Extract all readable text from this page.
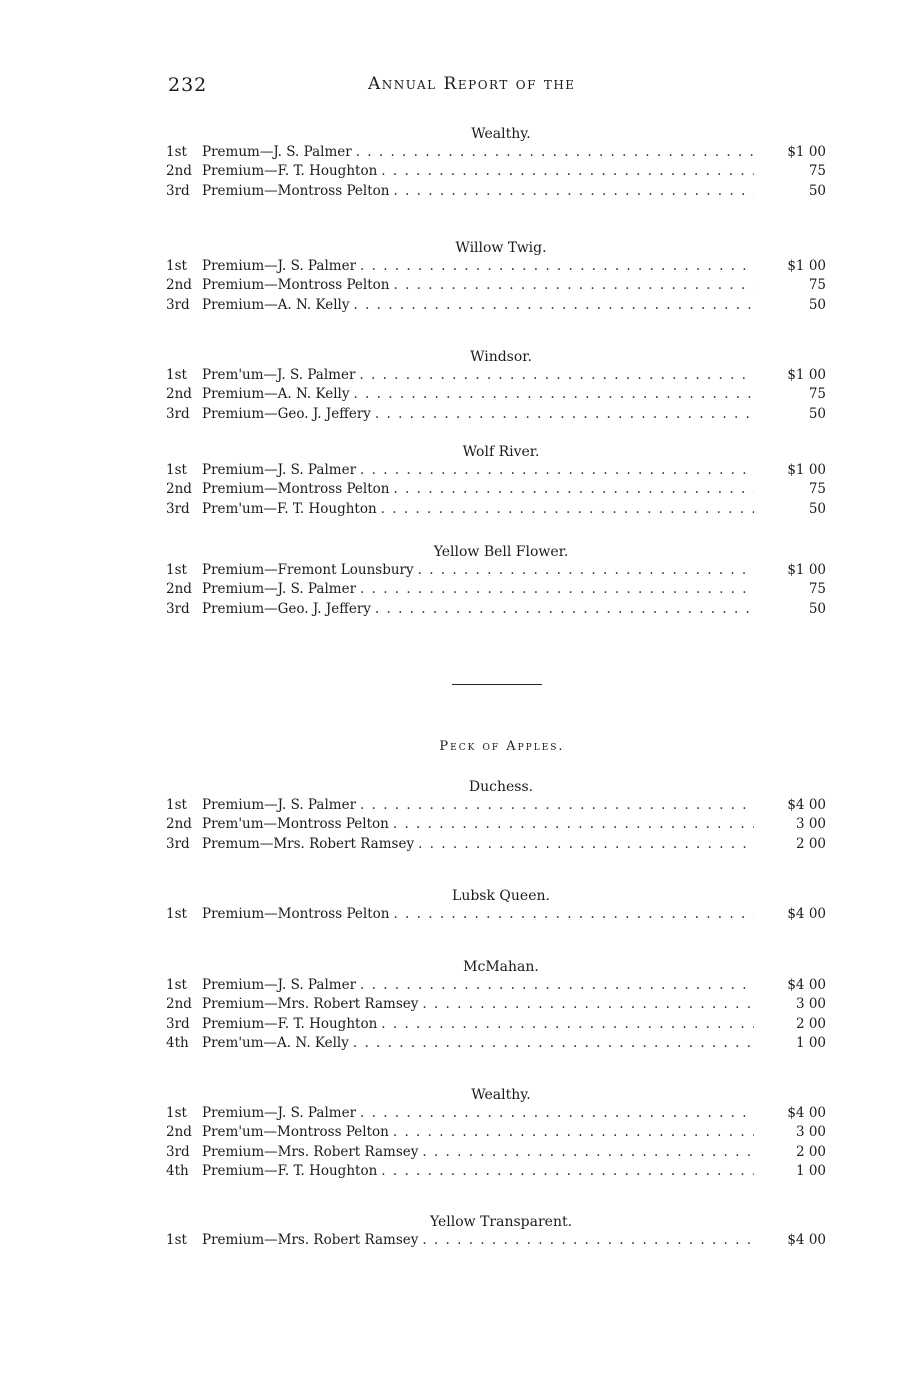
232	Annual Report of the
Wealthy.
1st	Premum—J. S. Palmer . . .	$1 00
2nd Premium—F. T. Houghton . . .	75
3rd Premium—Montross Pelton . . .	50
Willow Twig.
1st	Premium—J. S. Palmer . . .	$1 00
2nd Premium—Montross Pelton . . .	75
3rd Premium—A. N. Kelly . . .	50
Windsor.
1st	Prem'um—J. S. Palmer . . .	$1 00
2nd Premium—A. N. Kelly . . .	75
3rd Premium—Geo. J. Jeffery . . .	50
Wolf River.
1st	Premium—J. S. Palmer . . .	$1 00
2nd Premium—Montross Pelton . . .	75
3rd Prem'um—F. T. Houghton . . .	50
Yellow Bell Flower.
1st	Premium—Fremont Lounsbury . . .	$1 00
2nd Premium—J. S. Palmer . . .	75
3rd Premium—Geo. J. Jeffery . . .	50
Peck of Apples.
Duchess.
1st	Premium—J. S. Palmer . . .	$4 00
2nd Prem'um—Montross Pelton . . .	3 00
3rd Premum—Mrs. Robert Ramsey . . .	2 00
Lubsk Queen.
1st	Premium—Montross Pelton . . .	$4 00
McMahan.
1st	Premium—J. S. Palmer . . .	$4 00
2nd Premium—Mrs. Robert Ramsey . . .	3 00
3rd Premium—F. T. Houghton . . .	2 00
4th Prem'um—A. N. Kelly . . .	1 00
Wealthy.
1st	Premium—J. S. Palmer . . .	$4 00
2nd Prem'um—Montross Pelton . . .	3 00
3rd Premium—Mrs. Robert Ramsey . . .	2 00
4th Premium—F. T. Houghton . . .	1 00
Yellow Transparent.
1st	Premium—Mrs. Robert Ramsey . . .	$4 00
